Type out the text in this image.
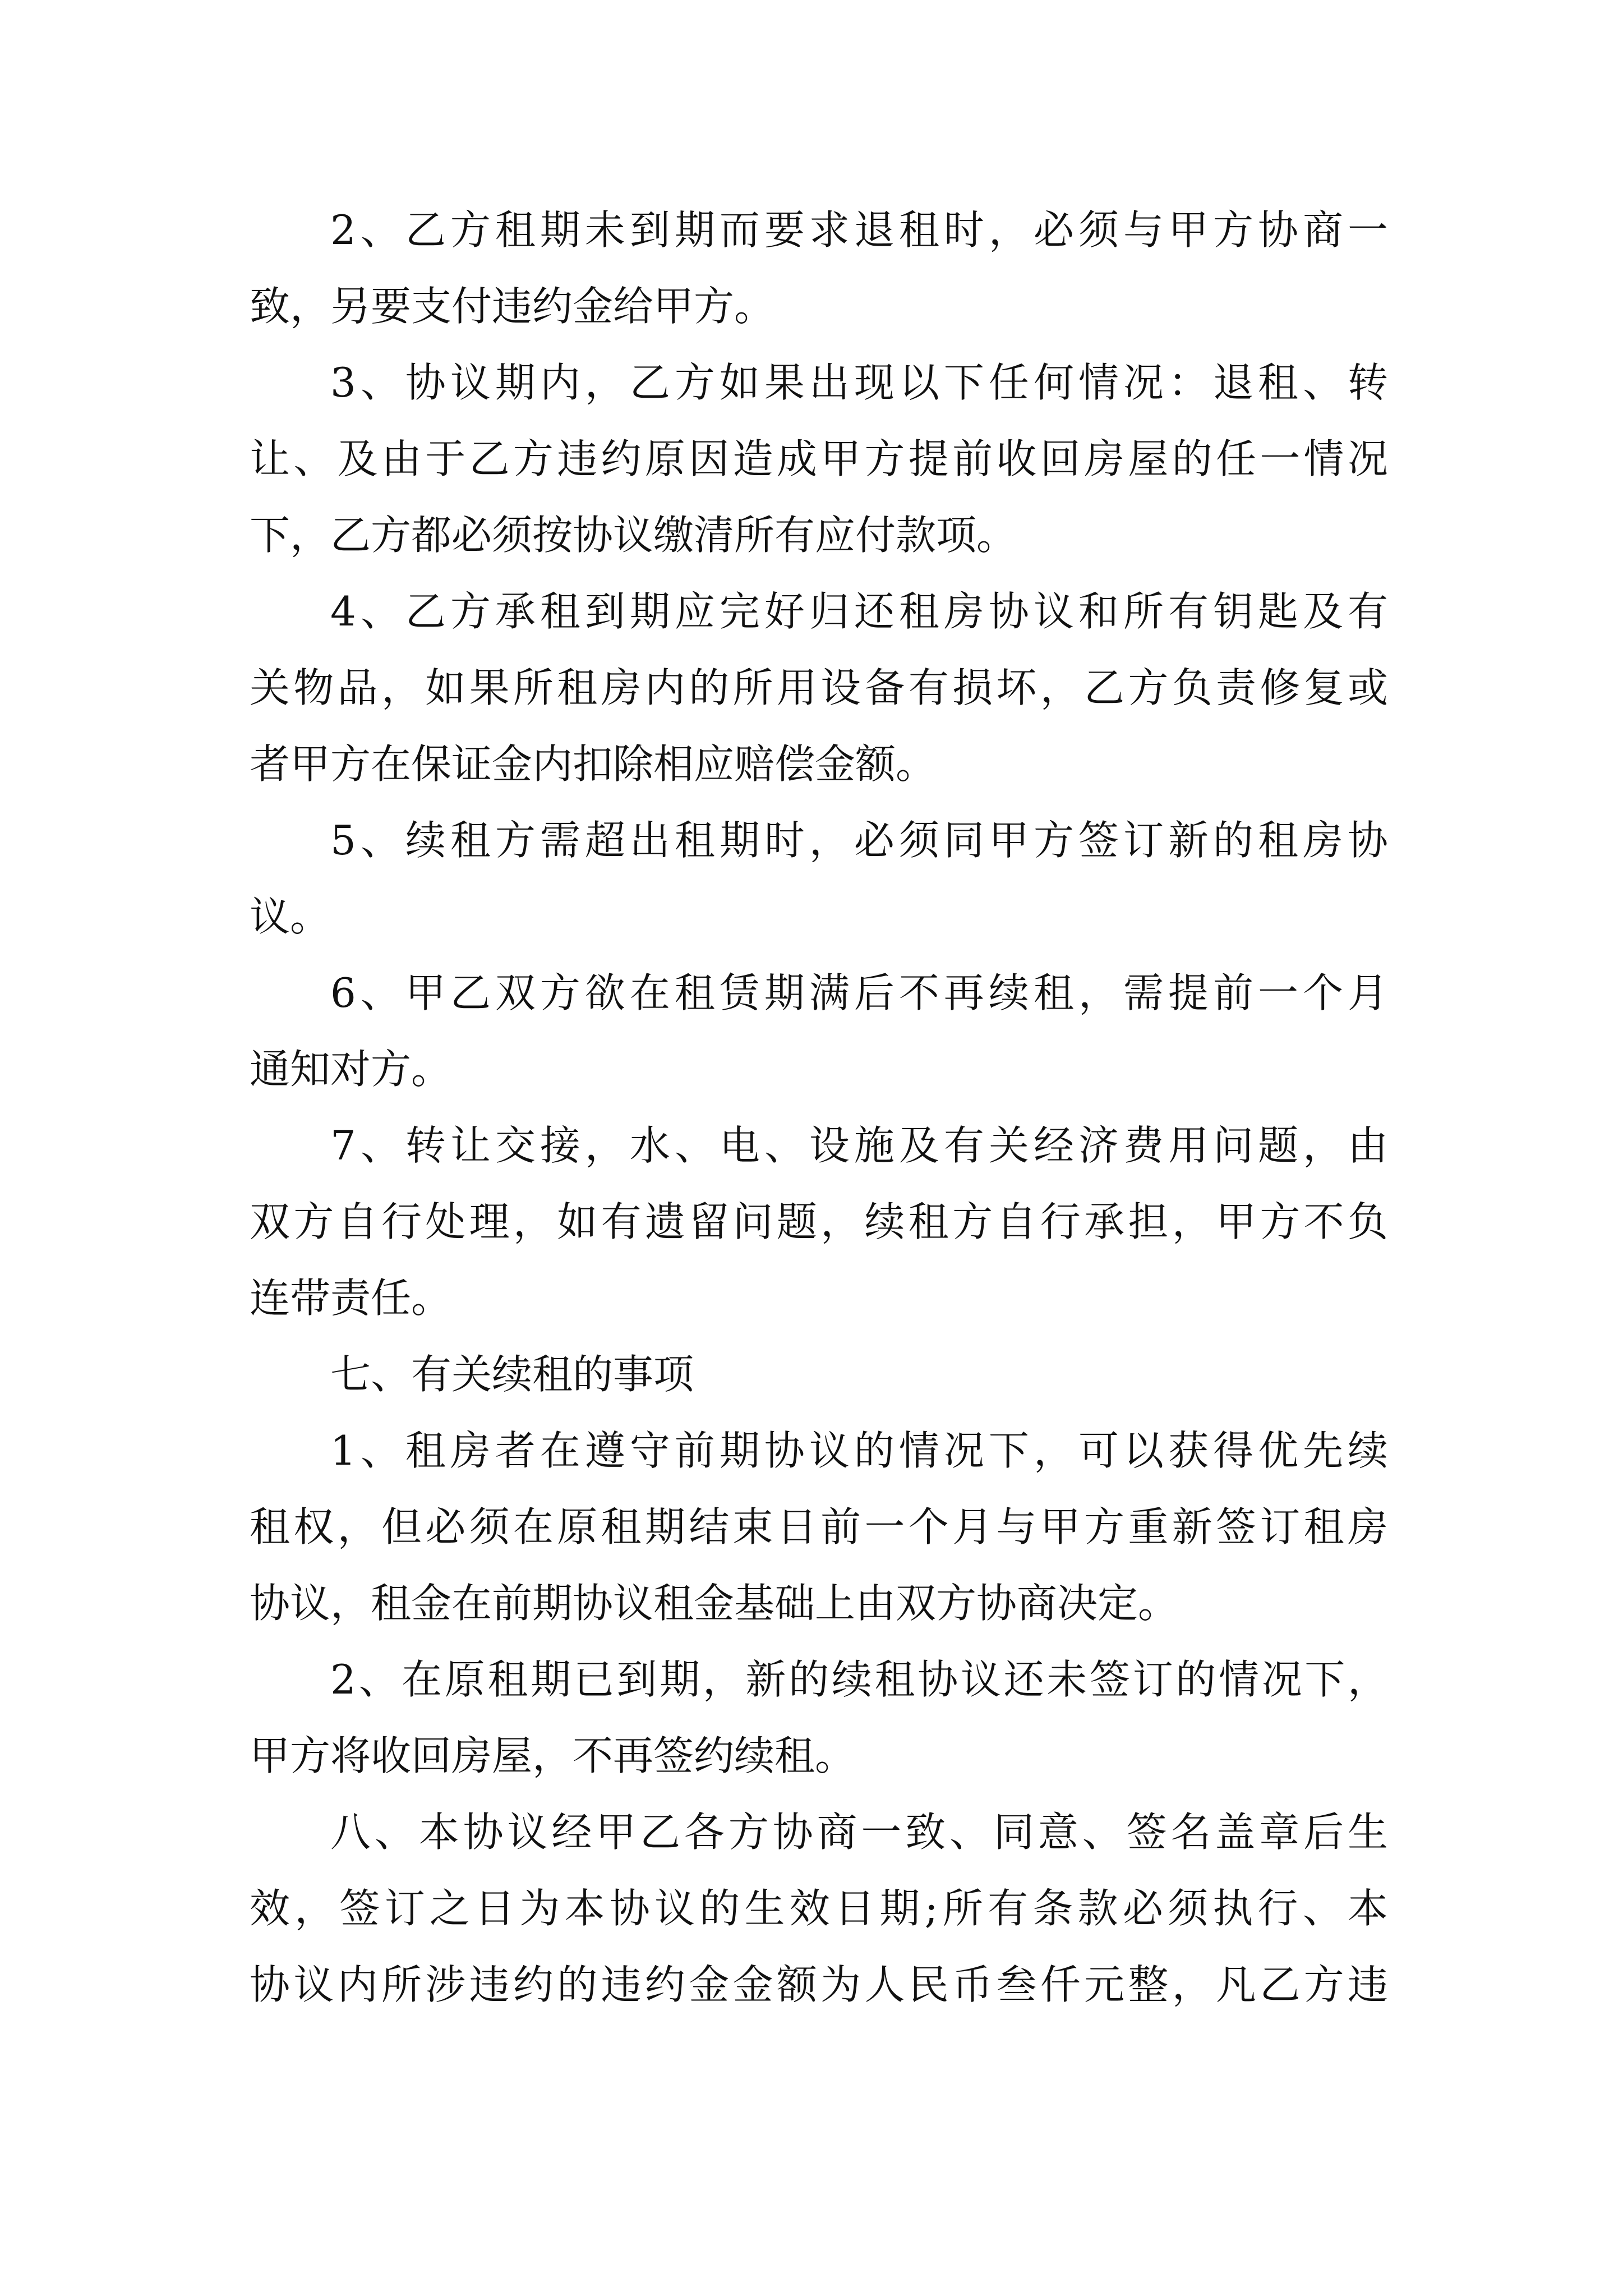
2、乙方租期未到期而要求退租时，必须与甲方协商一
致，另要支付违约金给甲方。
3、协议期内，乙方如果出现以下任何情况：退租、转
让、及由于乙方违约原因造成甲方提前收回房屋的任一情况
下，乙方都必须按协议缴清所有应付款项。
4、乙方承租到期应完好归还租房协议和所有钥匙及有
关物品，如果所租房内的所用设备有损坏，乙方负责修复或
者甲方在保证金内扣除相应赔偿金额。
5、续租方需超出租期时，必须同甲方签订新的租房协
议。
6、甲乙双方欲在租赁期满后不再续租，需提前一个月
通知对方。
7、转让交接，水、电、设施及有关经济费用问题，由
双方自行处理，如有遗留问题，续租方自行承担，甲方不负
连带责任。
七、有关续租的事项
1、租房者在遵守前期协议的情况下，可以获得优先续
租权，但必须在原租期结束日前一个月与甲方重新签订租房
协议，租金在前期协议租金基础上由双方协商决定。
2、在原租期已到期，新的续租协议还未签订的情况下，
甲方将收回房屋，不再签约续租。
八、本协议经甲乙各方协商一致、同意、签名盖章后生
效，签订之日为本协议的生效日期;所有条款必须执行、本
协议内所涉违约的违约金金额为人民币叁仟元整，凡乙方违
